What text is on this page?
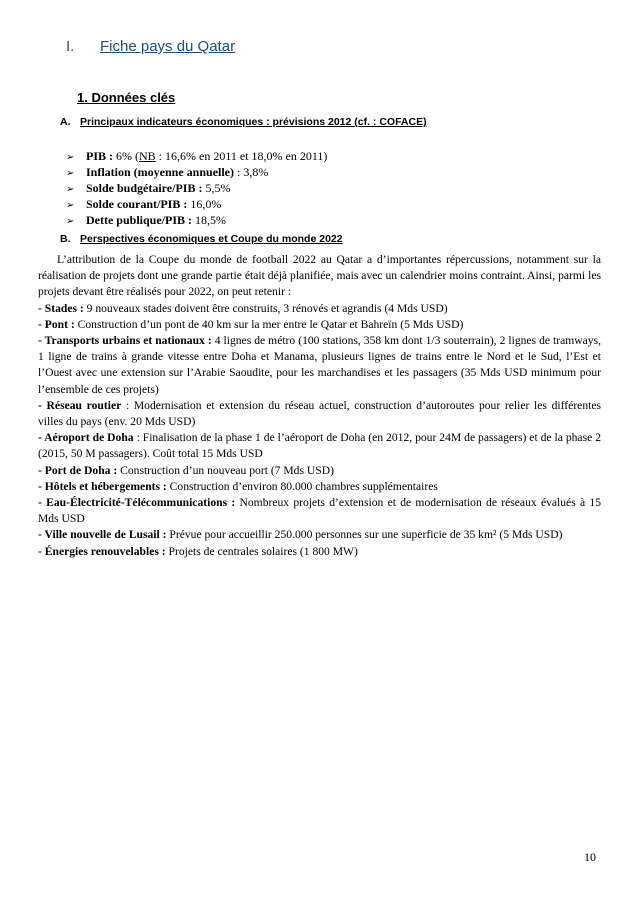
I. Fiche pays du Qatar
1. Données clés
A. Principaux indicateurs économiques : prévisions 2012 (cf. : COFACE)
➢ PIB : 6% (NB : 16,6% en 2011 et 18,0% en 2011)
➢ Inflation (moyenne annuelle) : 3,8%
➢ Solde budgétaire/PIB : 5,5%
➢ Solde courant/PIB : 16,0%
➢ Dette publique/PIB : 18,5%
B. Perspectives économiques et Coupe du monde 2022

L’attribution de la Coupe du monde de football 2022 au Qatar a d’importantes répercussions, notamment sur la réalisation de projets dont une grande partie était déjà planifiée, mais avec un calendrier moins contraint. Ainsi, parmi les projets devant être réalisés pour 2022, on peut retenir :

- Stades : 9 nouveaux stades doivent être construits, 3 rénovés et agrandis (4 Mds USD)

- Pont : Construction d’un pont de 40 km sur la mer entre le Qatar et Bahreïn (5 Mds USD)

- Transports urbains et nationaux : 4 lignes de métro (100 stations, 358 km dont 1/3 souterrain), 2 lignes de tramways, 1 ligne de trains à grande vitesse entre Doha et Manama, plusieurs lignes de trains entre le Nord et le Sud, l’Est et l’Ouest avec une extension sur l’Arabie Saoudite, pour les marchandises et les passagers (35 Mds USD minimum pour l’ensemble de ces projets)

- Réseau routier : Modernisation et extension du réseau actuel, construction d’autoroutes pour relier les différentes villes du pays (env. 20 Mds USD)

- Aéroport de Doha : Finalisation de la phase 1 de l’aéroport de Doha (en 2012, pour 24M de passagers) et de la phase 2 (2015, 50 M passagers). Coût total 15 Mds USD

- Port de Doha : Construction d’un nouveau port (7 Mds USD)

- Hôtels et hébergements : Construction d’environ 80.000 chambres supplémentaires

- Eau-Électricité-Télécommunications : Nombreux projets d’extension et de modernisation de réseaux évalués à 15 Mds USD

- Ville nouvelle de Lusail : Prévue pour accueillir 250.000 personnes sur une superficie de 35 km² (5 Mds USD)

- Énergies renouvelables : Projets de centrales solaires (1 800 MW)

10
